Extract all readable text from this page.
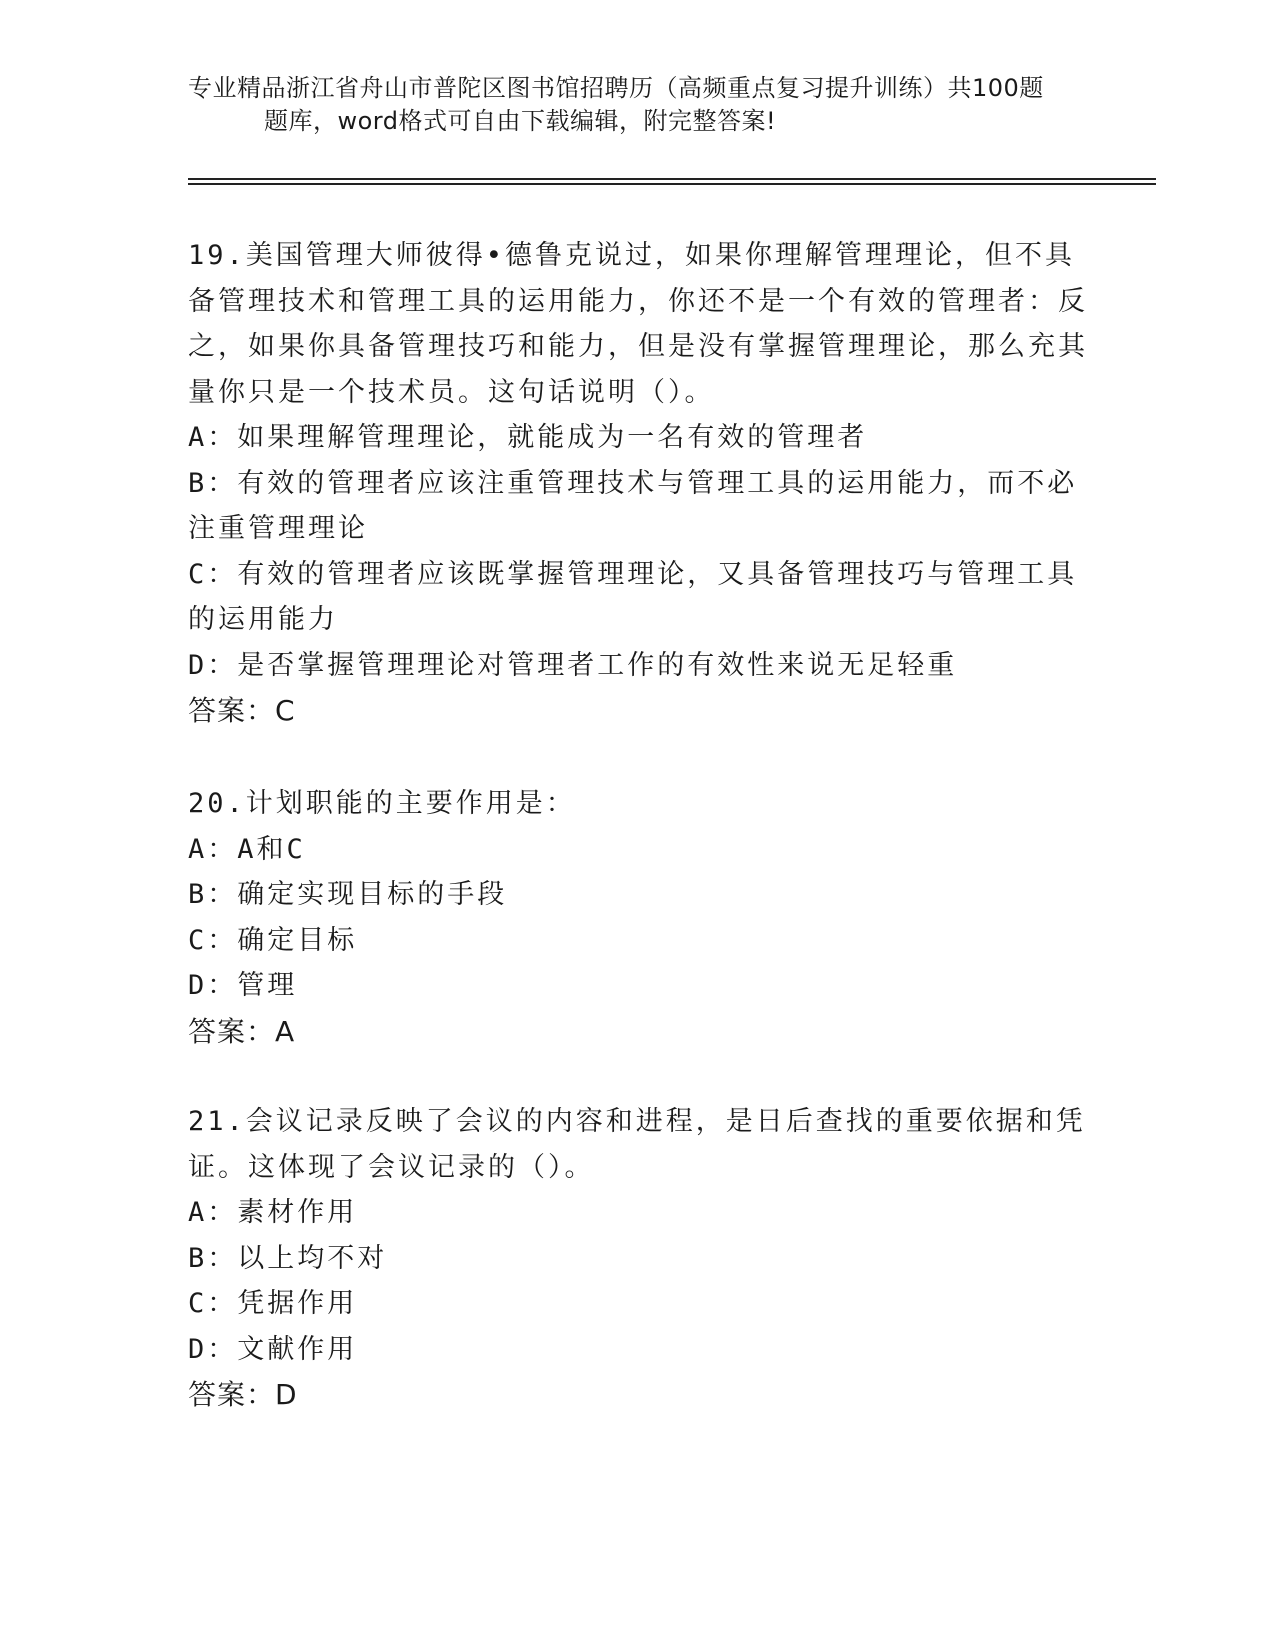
专业精品浙江省舟山市普陀区图书馆招聘历（高频重点复习提升训练）共100题
题库，word格式可自由下载编辑，附完整答案!

19.美国管理大师彼得•德鲁克说过，如果你理解管理理论，但不具备管理技术和管理工具的运用能力，你还不是一个有效的管理者：反之，如果你具备管理技巧和能力，但是没有掌握管理理论，那么充其量你只是一个技术员。这句话说明（）。

A：如果理解管理理论，就能成为一名有效的管理者

B：有效的管理者应该注重管理技术与管理工具的运用能力，而不必注重管理理论

C：有效的管理者应该既掌握管理理论，又具备管理技巧与管理工具的运用能力

D：是否掌握管理理论对管理者工作的有效性来说无足轻重

答案：C

20.计划职能的主要作用是：

A：A和C

B：确定实现目标的手段

C：确定目标

D：管理

答案：A

21.会议记录反映了会议的内容和进程，是日后查找的重要依据和凭证。这体现了会议记录的（）。

A：素材作用

B：以上均不对

C：凭据作用

D：文献作用

答案：D
